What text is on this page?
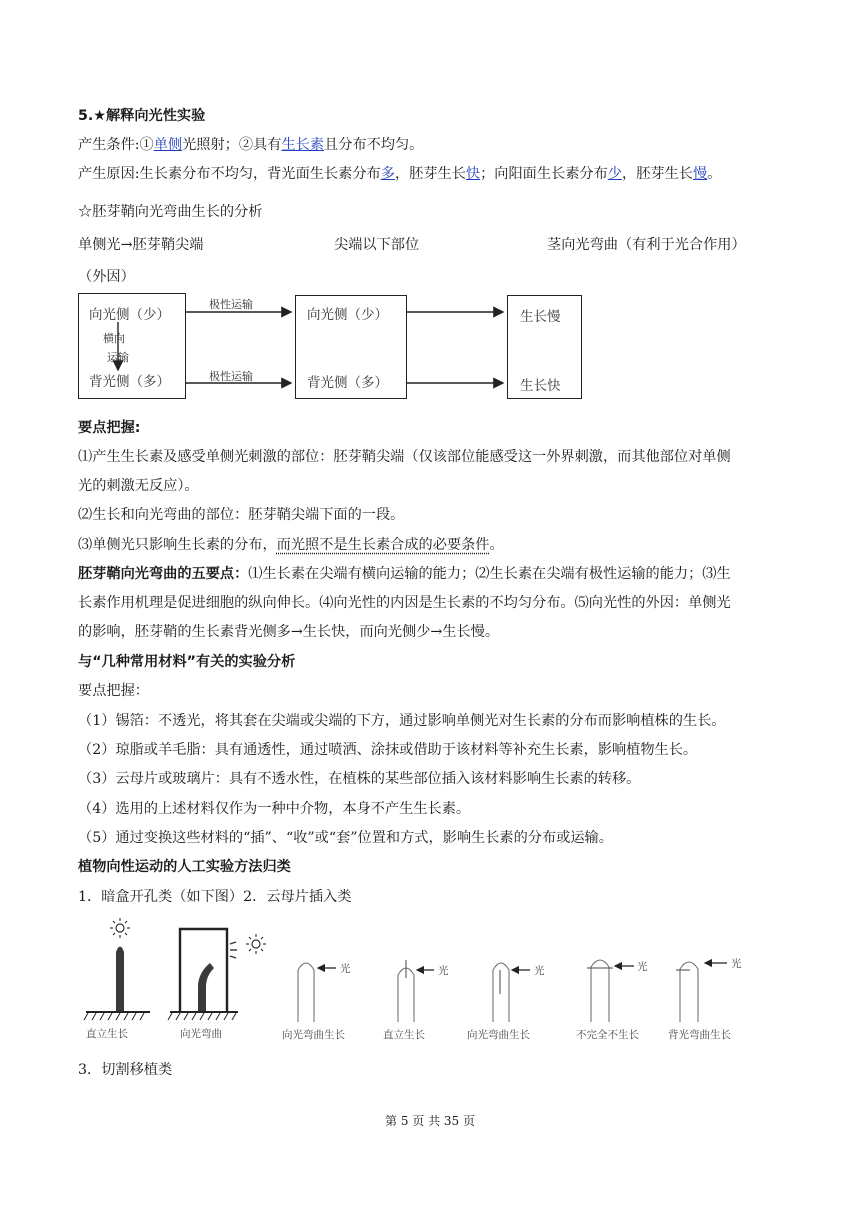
5.★解释向光性实验
产生条件:①单侧光照射；②具有生长素且分布不均匀。
产生原因:生长素分布不均匀，背光面生长素分布多，胚芽生长快；向阳面生长素分布少，胚芽生长慢。
☆胚芽鞘向光弯曲生长的分析
单侧光→胚芽鞘尖端	尖端以下部位	茎向光弯曲（有利于光合作用）
（外因）
向光侧（少）
横向
运输
背光侧（多）
向光侧（少）
背光侧（多）
生长慢
生长快
极性运输
极性运输
要点把握:
⑴产生生长素及感受单侧光刺激的部位：胚芽鞘尖端（仅该部位能感受这一外界刺激，而其他部位对单侧
光的刺激无反应）。
⑵生长和向光弯曲的部位：胚芽鞘尖端下面的一段。
⑶单侧光只影响生长素的分布，而光照不是生长素合成的必要条件。
胚芽鞘向光弯曲的五要点：⑴生长素在尖端有横向运输的能力；⑵生长素在尖端有极性运输的能力；⑶生
长素作用机理是促进细胞的纵向伸长。⑷向光性的内因是生长素的不均匀分布。⑸向光性的外因：单侧光
的影响，胚芽鞘的生长素背光侧多→生长快，而向光侧少→生长慢。
与“几种常用材料”有关的实验分析
要点把握：
（1）锡箔：不透光，将其套在尖端或尖端的下方，通过影响单侧光对生长素的分布而影响植株的生长。
（2）琼脂或羊毛脂：具有通透性，通过喷洒、涂抹或借助于该材料等补充生长素，影响植物生长。
（3）云母片或玻璃片：具有不透水性，在植株的某些部位插入该材料影响生长素的转移。
（4）选用的上述材料仅作为一种中介物，本身不产生生长素。
（5）通过变换这些材料的“插”、“收”或“套”位置和方式，影响生长素的分布或运输。
植物向性运动的人工实验方法归类
1．暗盒开孔类（如下图）2．云母片插入类
直立生长	向光弯曲
光	光	光	光	光
向光弯曲生长	直立生长	向光弯曲生长	不完全不生长	背光弯曲生长
3．切割移植类
第 5 页 共 35 页
